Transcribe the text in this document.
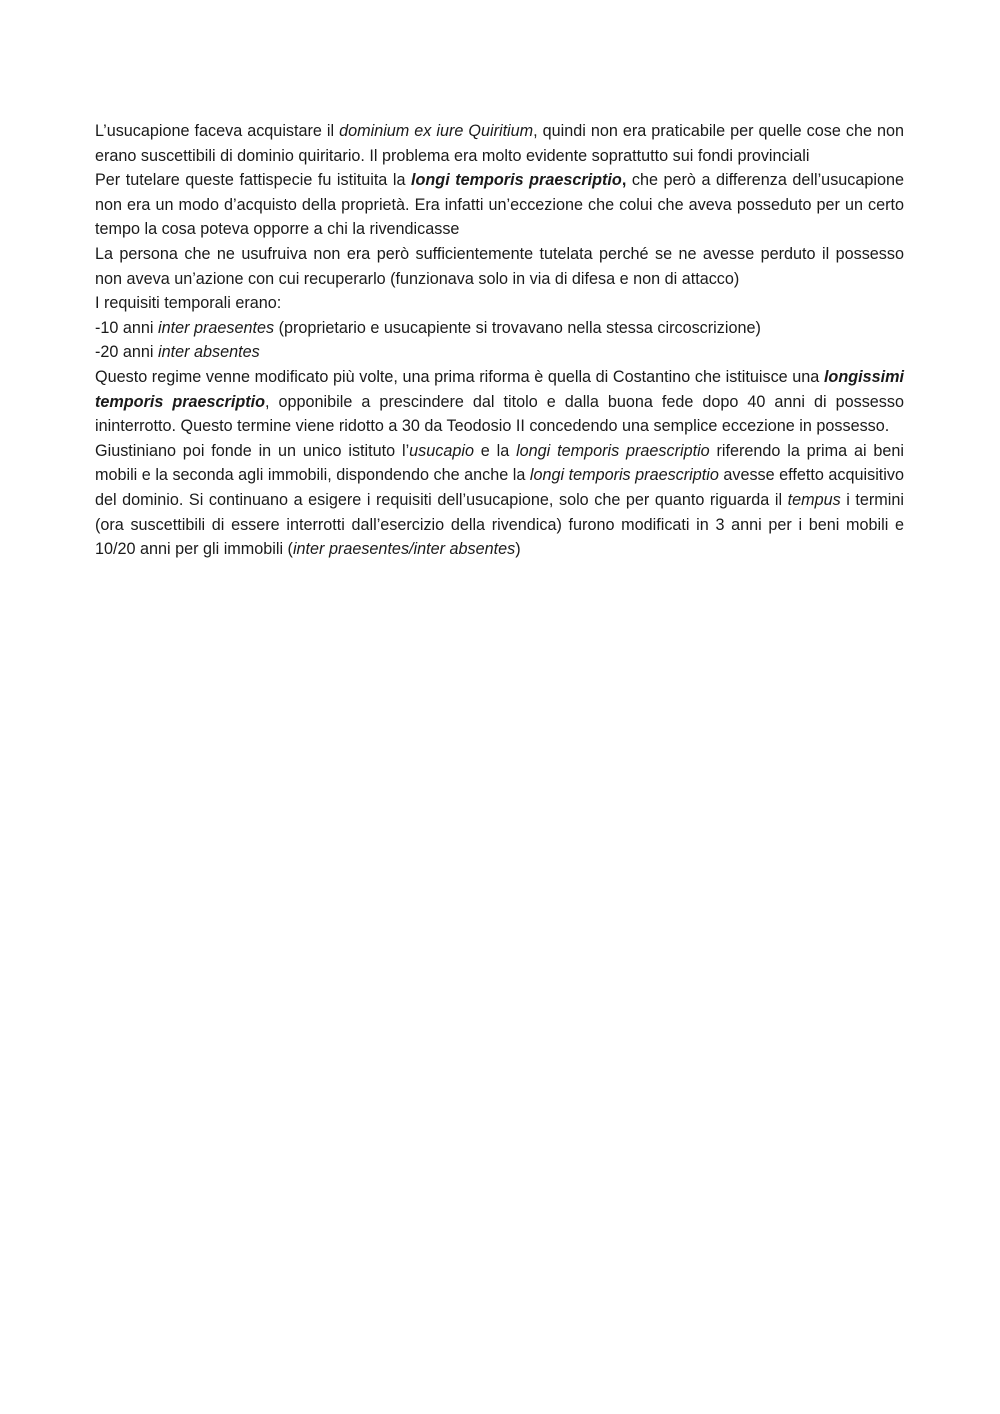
L’usucapione faceva acquistare il dominium ex iure Quiritium, quindi non era praticabile per quelle cose che non erano suscettibili di dominio quiritario. Il problema era molto evidente soprattutto sui fondi provinciali

Per tutelare queste fattispecie fu istituita la longi temporis praescriptio, che però a differenza dell’usucapione non era un modo d’acquisto della proprietà. Era infatti un’eccezione che colui che aveva posseduto per un certo tempo la cosa poteva opporre a chi la rivendicasse

La persona che ne usufruiva non era però sufficientemente tutelata perché se ne avesse perduto il possesso non aveva un’azione con cui recuperarlo (funzionava solo in via di difesa e non di attacco)

I requisiti temporali erano:

-10 anni inter praesentes (proprietario e usucapiente si trovavano nella stessa circoscrizione)

-20 anni inter absentes

Questo regime venne modificato più volte, una prima riforma è quella di Costantino che istituisce una longissimi temporis praescriptio, opponibile a prescindere dal titolo e dalla buona fede dopo 40 anni di possesso ininterrotto. Questo termine viene ridotto a 30 da Teodosio II concedendo una semplice eccezione in possesso.

Giustiniano poi fonde in un unico istituto l’usucapio e la longi temporis praescriptio riferendo la prima ai beni mobili e la seconda agli immobili, dispondendo che anche la longi temporis praescriptio avesse effetto acquisitivo del dominio. Si continuano a esigere i requisiti dell’usucapione, solo che per quanto riguarda il tempus i termini (ora suscettibili di essere interrotti dall’esercizio della rivendica) furono modificati in 3 anni per i beni mobili e 10/20 anni per gli immobili (inter praesentes/inter absentes)
